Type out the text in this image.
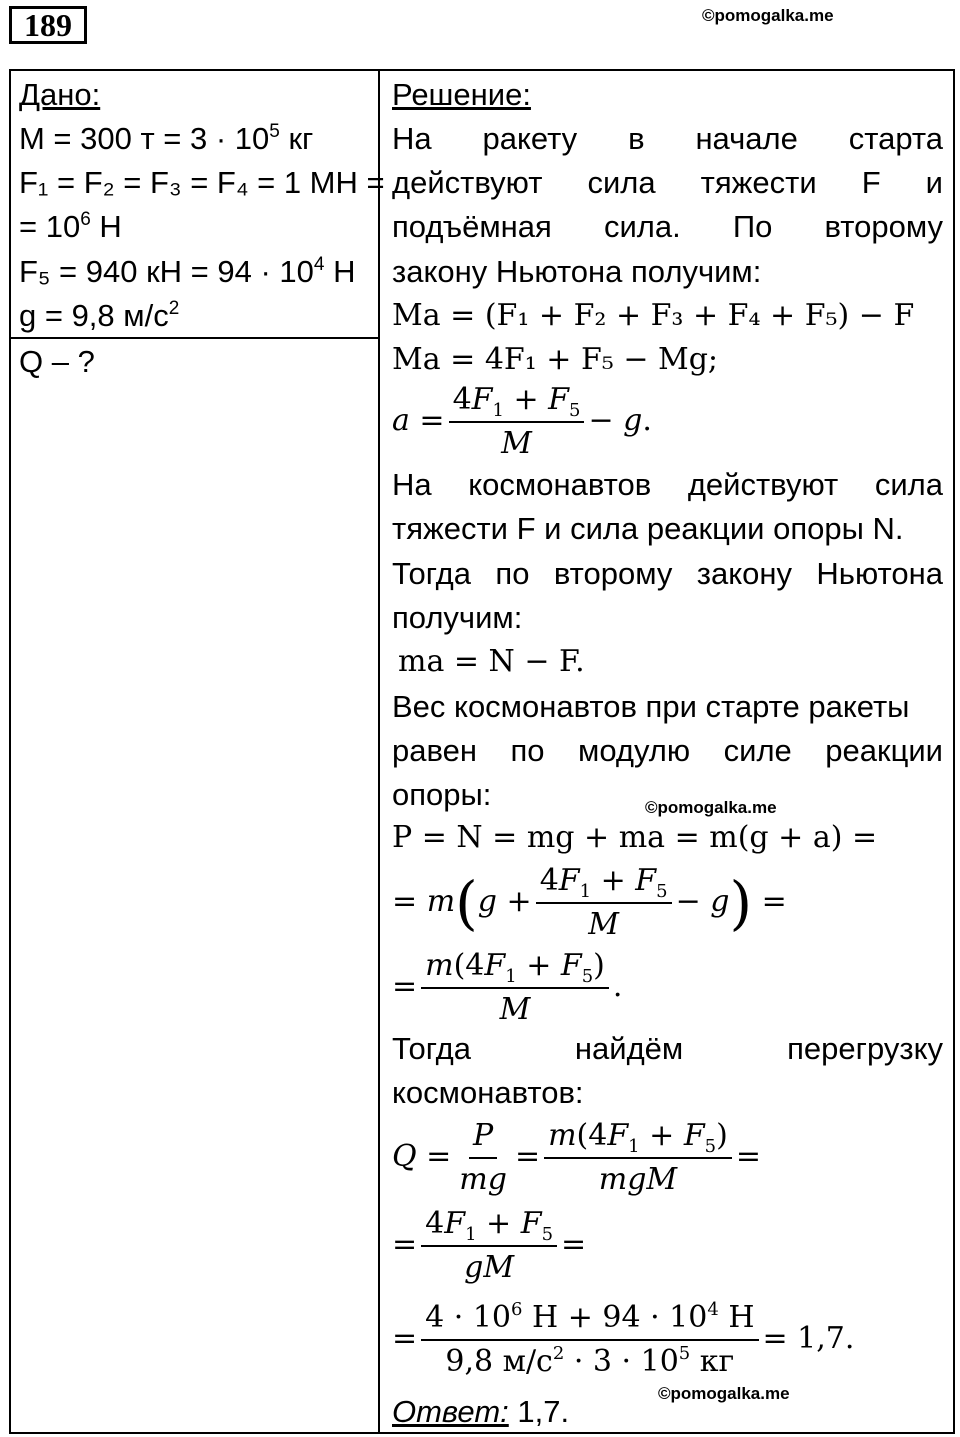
189	©pomogalka.me
©pomogalka.me
©pomogalka.me
Дано:
M = 300 $т = 3 \cdot 10^5$ кг
F₁ = F₂ = F₃ = F₄ = 1 МН =
= $10^6$ Н
F₅ = 940 кН = $94 \cdot 10^4$ Н
g = 9,8 $м/с^2$
Q – ?
Решение:
На ракету в начале старта
действуют сила тяжести F и
подъёмная сила. По второму
закону Ньютона получим:
Ma = (F₁ + F₂ + F₃ + F₄ + F₅) − F
Ma = 4F₁ + F₅ − Mg;
$a = \frac{4F_1 + F_5}{M} - g$.
На космонавтов действуют сила
тяжести F и сила реакции опоры N.
Тогда по второму закону Ньютона
получим:
ma = N − F.
Вес космонавтов при старте ракеты
равен по модулю силе реакции
опоры:
P = N = mg + ma = m(g + a) =
= $m(g + \frac{4F_1 + F_5}{M} - g)$ =
= $\frac{m(4F_1 + F_5)}{M}$ .
Тогда	найдём	перегрузку
космонавтов:
$Q = \frac{P}{mg} = \frac{m(4F_1 + F_5)}{\text{mgM}}$ =
= $\frac{4F_1 + F_5}{gM}$ =
= $\frac{4 \cdot 10^6 Н + 94 \cdot 10^4 Н}{9,8 м/с^2 \cdot 3 \cdot 10^5 кг} = 1,7$.
Ответ: 1,7.
